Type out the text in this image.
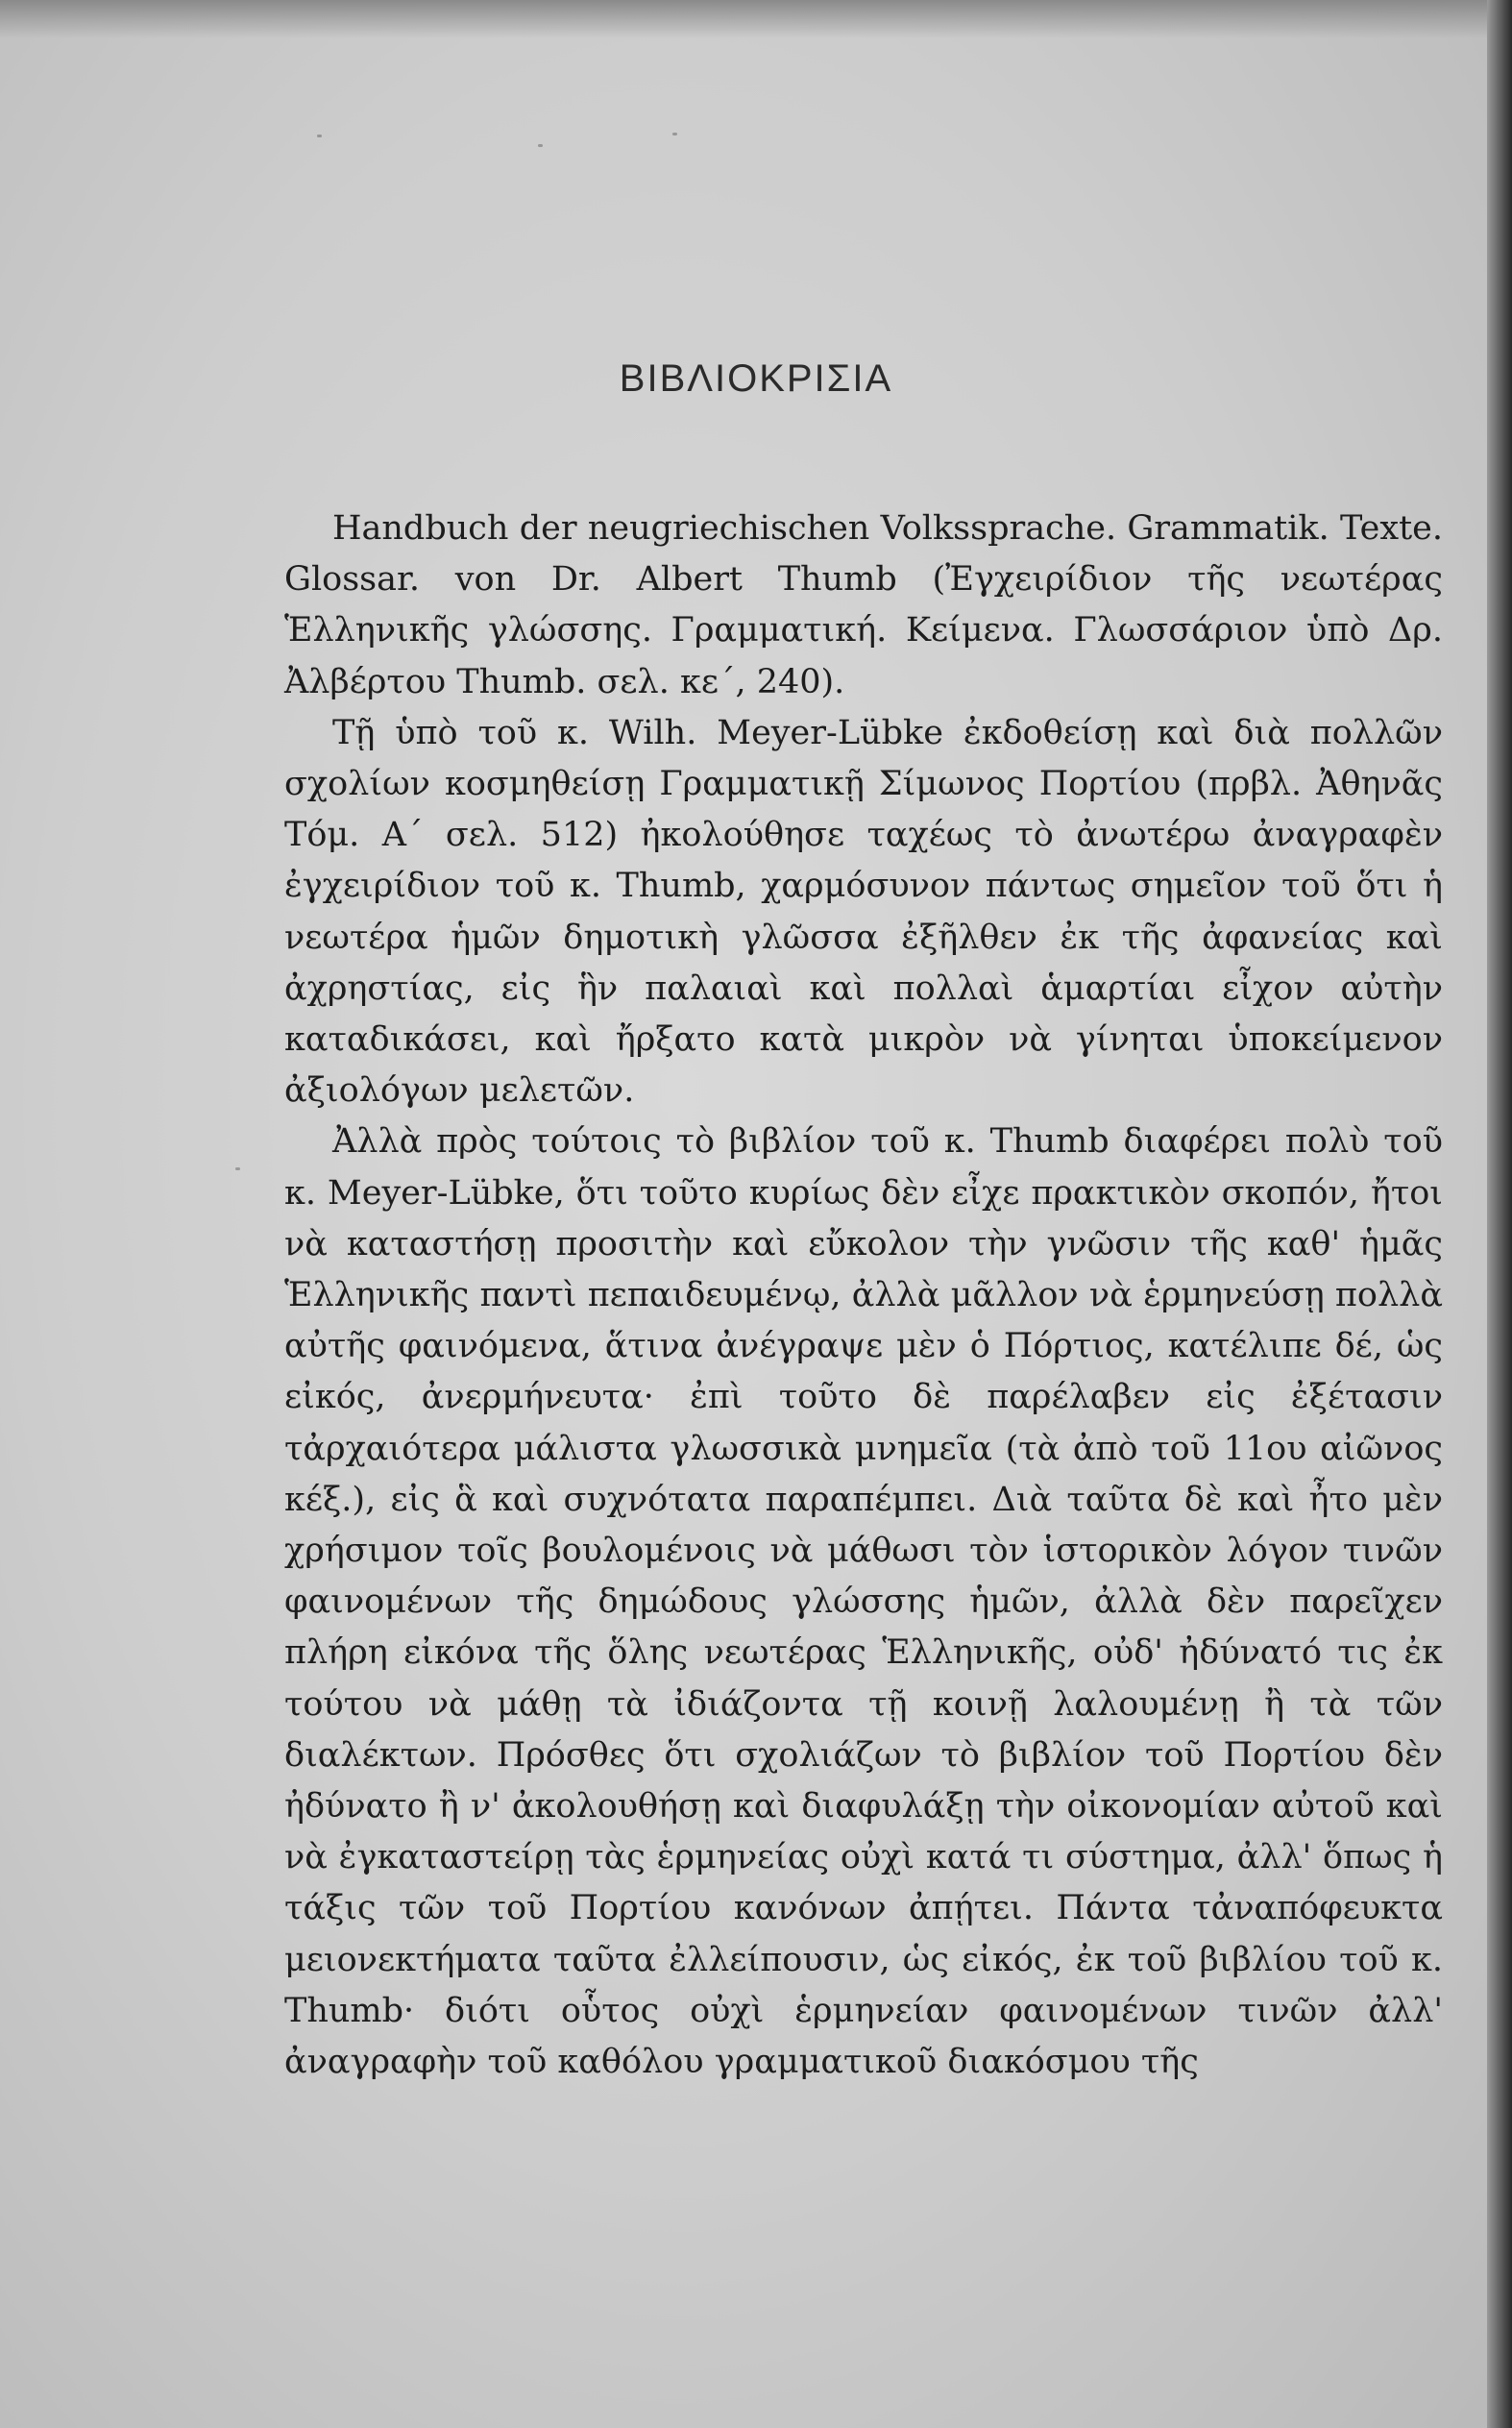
ΒΙΒΛΙΟΚΡΙΣΙΑ

Handbuch der neugriechischen Volkssprache. Grammatik. Texte. Glossar. von Dr. Albert Thumb (Ἐγχειρίδιον τῆς νεωτέρας Ἑλληνικῆς γλώσσης. Γραμματική. Κείμενα. Γλωσσάριον ὑπὸ Δρ. Ἀλβέρτου Thumb. σελ. κε΄, 240).

Τῇ ὑπὸ τοῦ κ. Wilh. Meyer-Lübke ἐκδοθείσῃ καὶ διὰ πολλῶν σχολίων κοσμηθείσῃ Γραμματικῇ Σίμωνος Πορτίου (πρβλ. Ἀθηνᾶς Τόμ. Α΄ σελ. 512) ἠκολούθησε ταχέως τὸ ἀνωτέρω ἀναγραφὲν ἐγχειρίδιον τοῦ κ. Thumb, χαρμόσυνον πάντως σημεῖον τοῦ ὅτι ἡ νεωτέρα ἡμῶν δημοτικὴ γλῶσσα ἐξῆλθεν ἐκ τῆς ἀφανείας καὶ ἀχρηστίας, εἰς ἣν παλαιαὶ καὶ πολλαὶ ἁμαρτίαι εἶχον αὐτὴν καταδικάσει, καὶ ἤρξατο κατὰ μικρὸν νὰ γίνηται ὑποκείμενον ἀξιολόγων μελετῶν.

Ἀλλὰ πρὸς τούτοις τὸ βιβλίον τοῦ κ. Thumb διαφέρει πολὺ τοῦ κ. Meyer-Lübke, ὅτι τοῦτο κυρίως δὲν εἶχε πρακτικὸν σκοπόν, ἤτοι νὰ καταστήσῃ προσιτὴν καὶ εὔκολον τὴν γνῶσιν τῆς καθ' ἡμᾶς Ἑλληνικῆς παντὶ πεπαιδευμένῳ, ἀλλὰ μᾶλλον νὰ ἑρμηνεύσῃ πολλὰ αὐτῆς φαινόμενα, ἅτινα ἀνέγραψε μὲν ὁ Πόρτιος, κατέλιπε δέ, ὡς εἰκός, ἀνερμήνευτα· ἐπὶ τοῦτο δὲ παρέλαβεν εἰς ἐξέτασιν τἀρχαιότερα μάλιστα γλωσσικὰ μνημεῖα (τὰ ἀπὸ τοῦ 11ου αἰῶνος κέξ.), εἰς ἃ καὶ συχνότατα παραπέμπει. Διὰ ταῦτα δὲ καὶ ἦτο μὲν χρήσιμον τοῖς βουλομένοις νὰ μάθωσι τὸν ἱστορικὸν λόγον τινῶν φαινομένων τῆς δημώδους γλώσσης ἡμῶν, ἀλλὰ δὲν παρεῖχεν πλήρη εἰκόνα τῆς ὅλης νεωτέρας Ἑλληνικῆς, οὐδ' ἠδύνατό τις ἐκ τούτου νὰ μάθῃ τὰ ἰδιάζοντα τῇ κοινῇ λαλουμένῃ ἢ τὰ τῶν διαλέκτων. Πρόσθες ὅτι σχολιάζων τὸ βιβλίον τοῦ Πορτίου δὲν ἠδύνατο ἢ ν' ἀκολουθήσῃ καὶ διαφυλάξῃ τὴν οἰκονομίαν αὐτοῦ καὶ νὰ ἐγκαταστείρῃ τὰς ἑρμηνείας οὐχὶ κατά τι σύστημα, ἀλλ' ὅπως ἡ τάξις τῶν τοῦ Πορτίου κανόνων ἀπῄτει. Πάντα τἀναπόφευκτα μειονεκτήματα ταῦτα ἐλλείπουσιν, ὡς εἰκός, ἐκ τοῦ βιβλίου τοῦ κ. Thumb· διότι οὗτος οὐχὶ ἑρμηνείαν φαινομένων τινῶν ἀλλ' ἀναγραφὴν τοῦ καθόλου γραμματικοῦ διακόσμου τῆς
